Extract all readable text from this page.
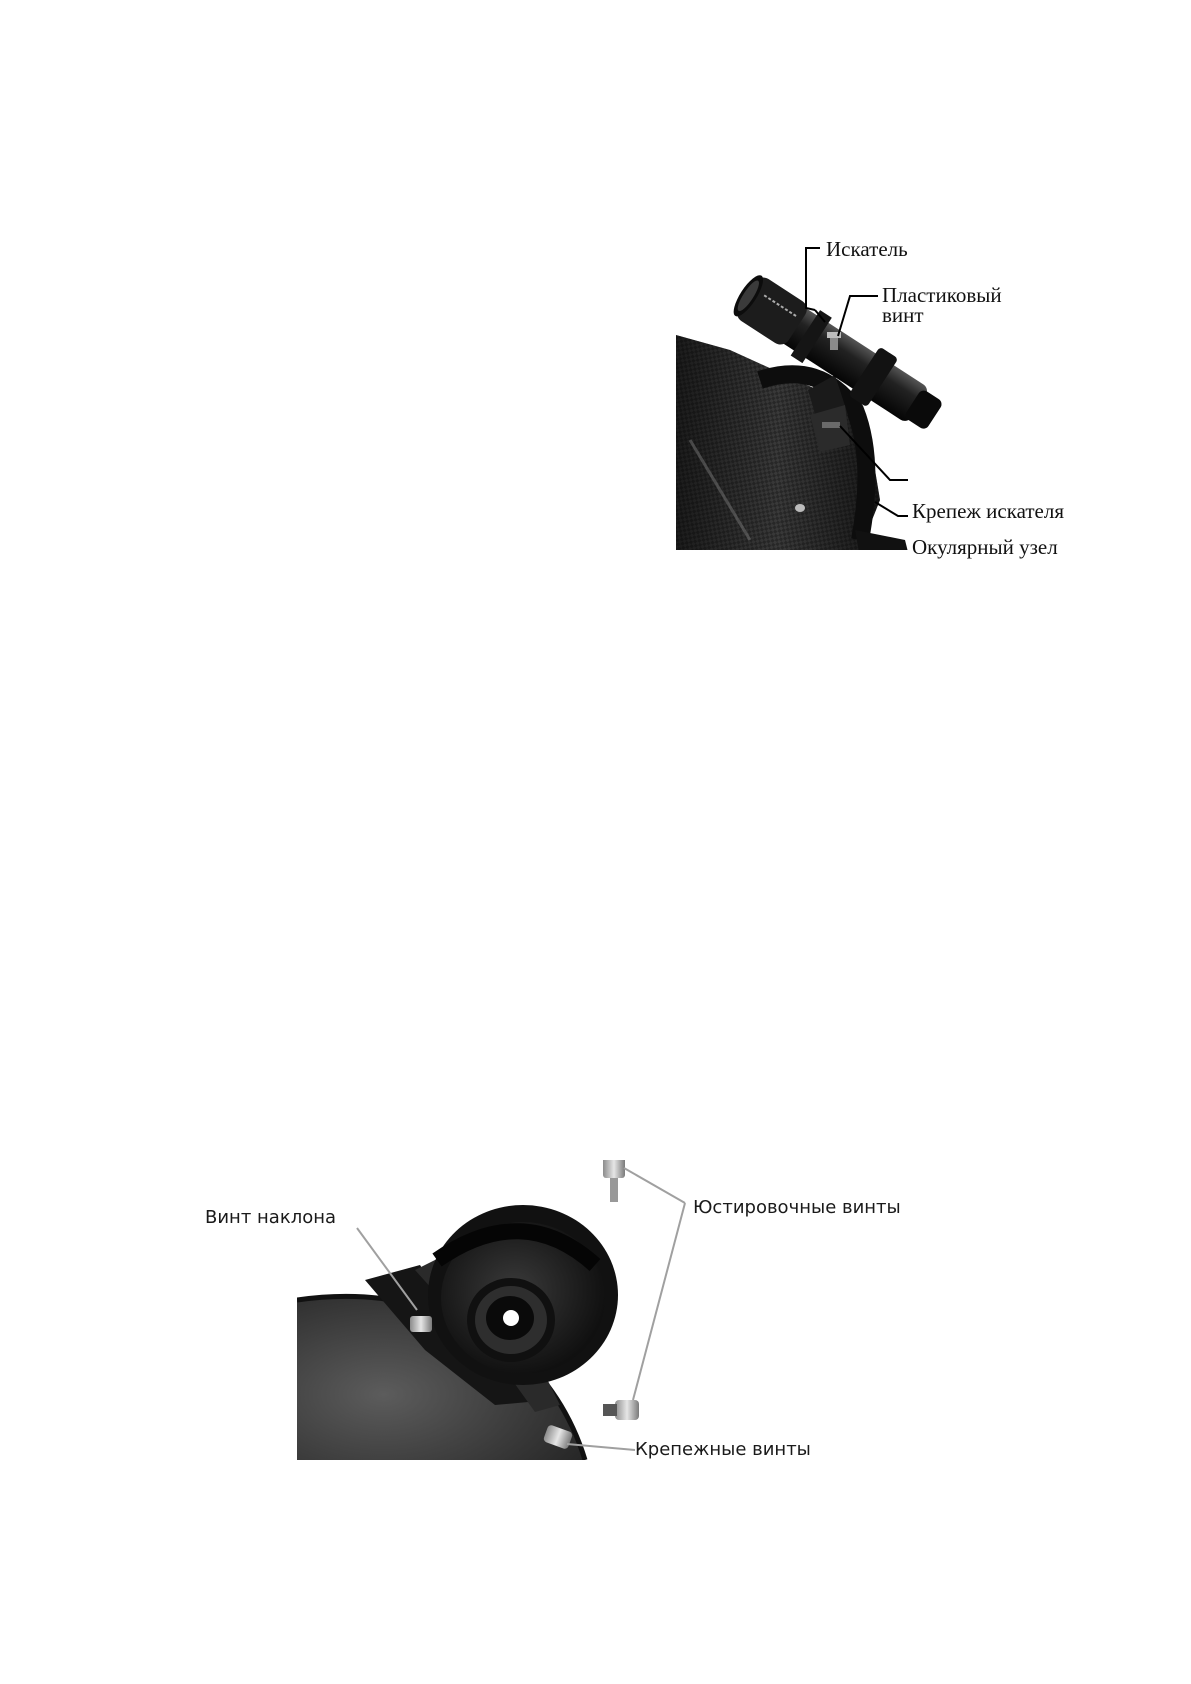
Искатель
Пластиковый
винт
Крепеж искателя
Окулярный узел
Винт наклона	Юстировочные винты
Крепежные винты
